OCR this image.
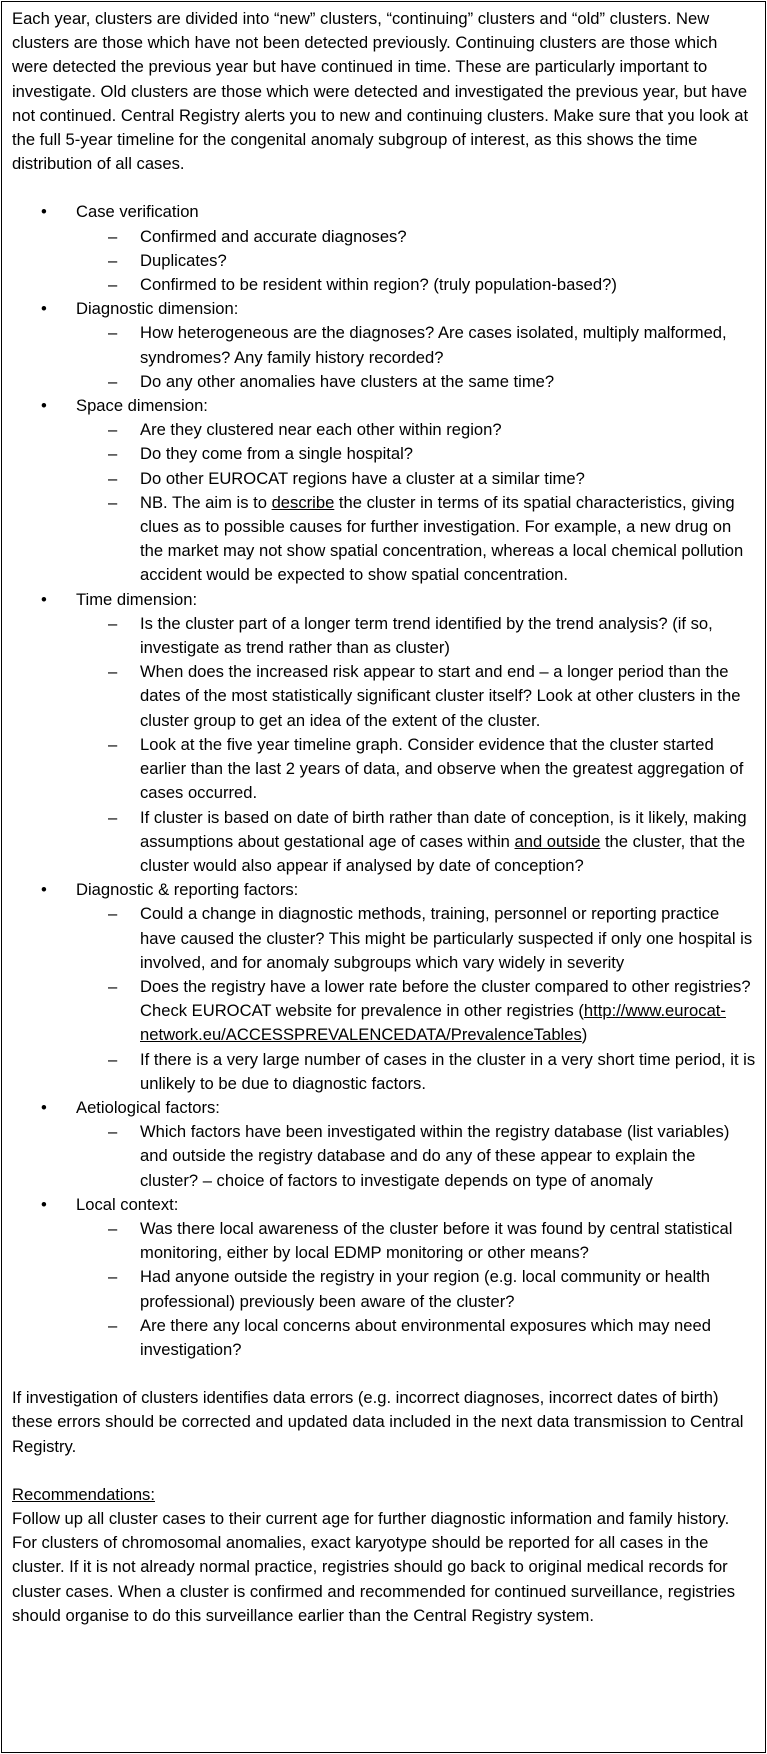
Each year, clusters are divided into “new” clusters, “continuing” clusters and “old” clusters. New clusters are those which have not been detected previously. Continuing clusters are those which were detected the previous year but have continued in time. These are particularly important to investigate. Old clusters are those which were detected and investigated the previous year, but have not continued. Central Registry alerts you to new and continuing clusters. Make sure that you look at the full 5-year timeline for the congenital anomaly subgroup of interest, as this shows the time distribution of all cases.

• Case verification
– Confirmed and accurate diagnoses?
– Duplicates?
– Confirmed to be resident within region? (truly population-based?)
• Diagnostic dimension:
– How heterogeneous are the diagnoses? Are cases isolated, multiply malformed, syndromes? Any family history recorded?
– Do any other anomalies have clusters at the same time?
• Space dimension:
– Are they clustered near each other within region?
– Do they come from a single hospital?
– Do other EUROCAT regions have a cluster at a similar time?
– NB. The aim is to describe the cluster in terms of its spatial characteristics, giving clues as to possible causes for further investigation. For example, a new drug on the market may not show spatial concentration, whereas a local chemical pollution accident would be expected to show spatial concentration.
• Time dimension:
– Is the cluster part of a longer term trend identified by the trend analysis? (if so, investigate as trend rather than as cluster)
– When does the increased risk appear to start and end – a longer period than the dates of the most statistically significant cluster itself? Look at other clusters in the cluster group to get an idea of the extent of the cluster.
– Look at the five year timeline graph. Consider evidence that the cluster started earlier than the last 2 years of data, and observe when the greatest aggregation of cases occurred.
– If cluster is based on date of birth rather than date of conception, is it likely, making assumptions about gestational age of cases within and outside the cluster, that the cluster would also appear if analysed by date of conception?
• Diagnostic & reporting factors:
– Could a change in diagnostic methods, training, personnel or reporting practice have caused the cluster? This might be particularly suspected if only one hospital is involved, and for anomaly subgroups which vary widely in severity
– Does the registry have a lower rate before the cluster compared to other registries? Check EUROCAT website for prevalence in other registries (http://www.eurocat-network.eu/ACCESSPREVALENCEDATA/PrevalenceTables)
– If there is a very large number of cases in the cluster in a very short time period, it is unlikely to be due to diagnostic factors.
• Aetiological factors:
– Which factors have been investigated within the registry database (list variables) and outside the registry database and do any of these appear to explain the cluster? – choice of factors to investigate depends on type of anomaly
• Local context:
– Was there local awareness of the cluster before it was found by central statistical monitoring, either by local EDMP monitoring or other means?
– Had anyone outside the registry in your region (e.g. local community or health professional) previously been aware of the cluster?
– Are there any local concerns about environmental exposures which may need investigation?

If investigation of clusters identifies data errors (e.g. incorrect diagnoses, incorrect dates of birth) these errors should be corrected and updated data included in the next data transmission to Central Registry.

Recommendations:

Follow up all cluster cases to their current age for further diagnostic information and family history. For clusters of chromosomal anomalies, exact karyotype should be reported for all cases in the cluster. If it is not already normal practice, registries should go back to original medical records for cluster cases. When a cluster is confirmed and recommended for continued surveillance, registries should organise to do this surveillance earlier than the Central Registry system.
